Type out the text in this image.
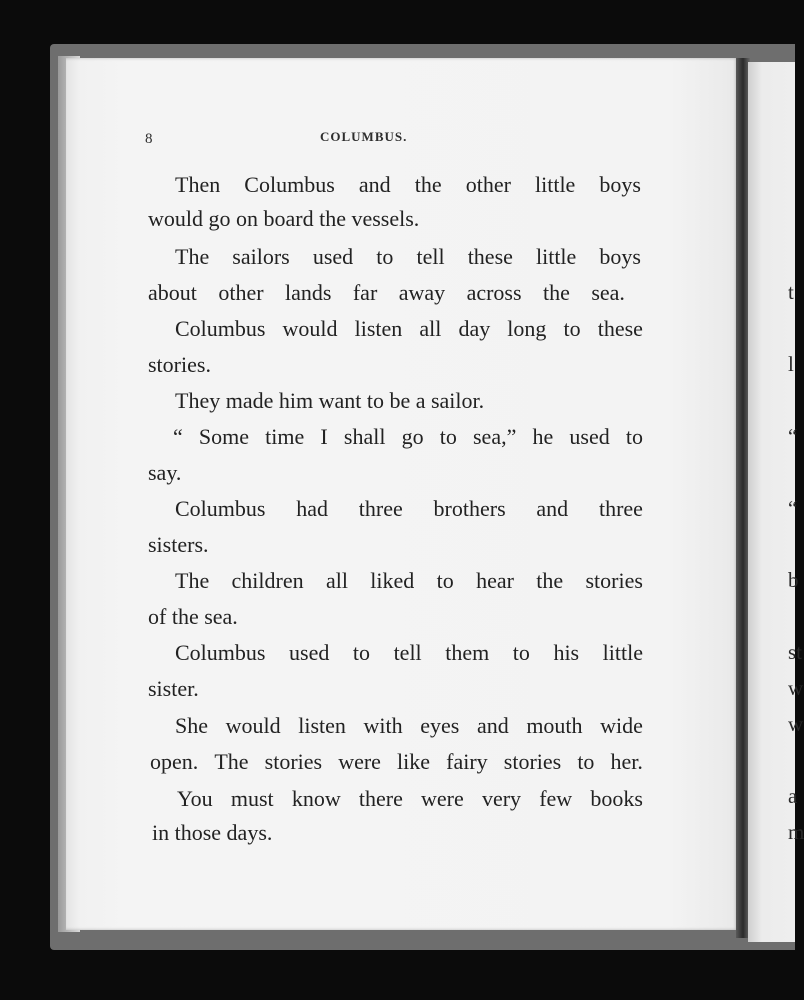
t
l
“
“
b
st
w
w
a
m
8	COLUMBUS.
Then Columbus and the other little boys
would go on board the vessels.
The sailors used to tell these little boys
about other lands far away across the sea.
Columbus would listen all day long to these
stories.
They made him want to be a sailor.
“ Some time I shall go to sea,” he used to
say.
Columbus had three brothers and three
sisters.
The children all liked to hear the stories
of the sea.
Columbus used to tell them to his little
sister.
She would listen with eyes and mouth wide
open. The stories were like fairy stories to her.
You must know there were very few books
in those days.
